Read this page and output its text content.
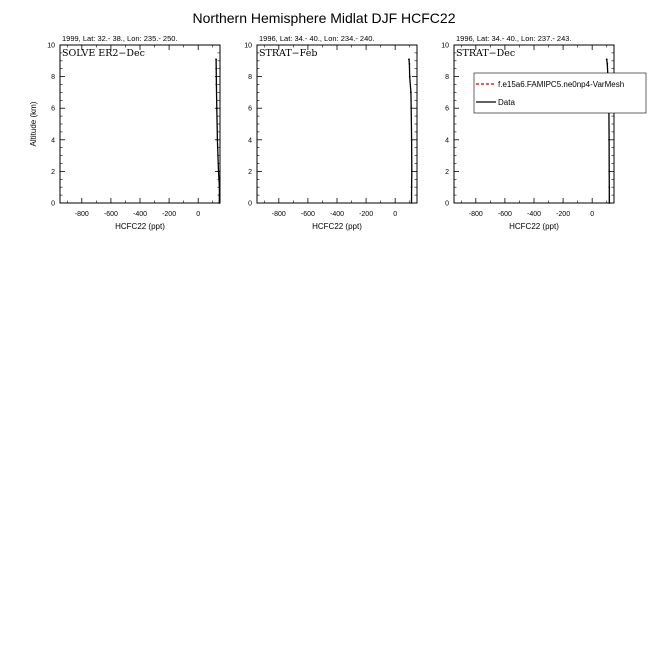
Northern Hemisphere Midlat DJF HCFC22
1999, Lat: 32.- 38., Lon: 235.- 250.
0
2
4
6
8
10
-800 -600 -400 -200	0
HCFC22 (ppt)
Altitude (km)
SOLVE ER2−Dec
1996, Lat: 34.- 40., Lon: 234.- 240.
0
2
4
6
8
10
-800 -600 -400 -200	0
HCFC22 (ppt)
STRAT−Feb
1996, Lat: 34.- 40., Lon: 237.- 243.
0
2
4
6
8
10
-800 -600 -400 -200	0
HCFC22 (ppt)
STRAT−Dec
f.e15a6.FAMIPC5.ne0np4-VarMesh
Data
